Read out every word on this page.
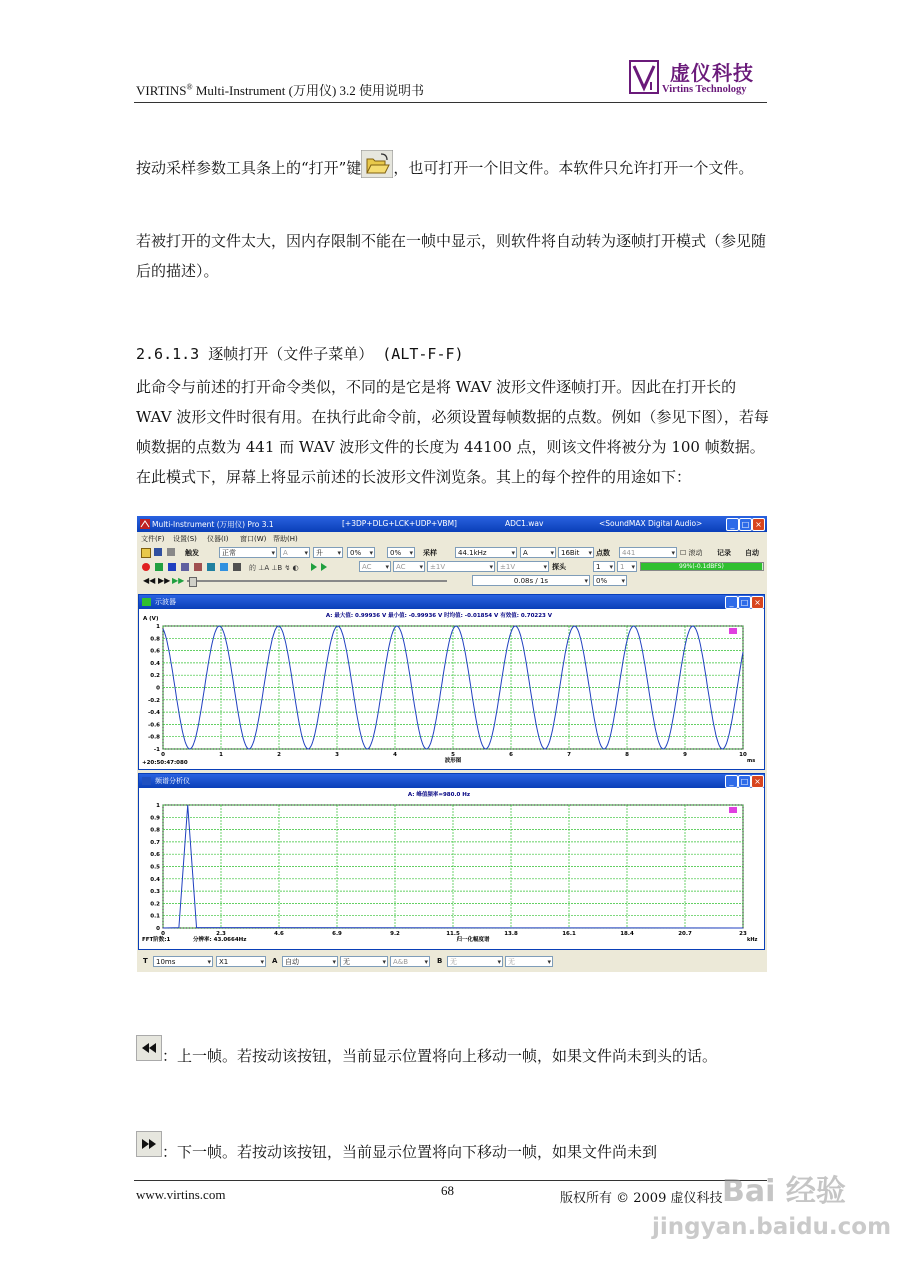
VIRTINS® Multi-Instrument (万用仪) 3.2 使用说明书
虚仪科技
Virtins Technology
按动采样参数工具条上的“打开”键 ，也可打开一个旧文件。本软件只允许打开一个文件。
若被打开的文件太大，因内存限制不能在一帧中显示，则软件将自动转为逐帧打开模式（参见随后的描述）。
2.6.1.3 逐帧打开（文件子菜单） (ALT-F-F)
此命令与前述的打开命令类似，不同的是它是将 WAV 波形文件逐帧打开。因此在打开长的 WAV 波形文件时很有用。在执行此命令前，必须设置每帧数据的点数。例如（参见下图），若每帧数据的点数为 441 而 WAV 波形文件的长度为 44100 点，则该文件将被分为 100 帧数据。在此模式下，屏幕上将显示前述的长波形文件浏览条。其上的每个控件的用途如下：
Multi-Instrument (万用仪) Pro 3.1	[+3DP+DLG+LCK+UDP+VBM]	ADC1.wav	<SoundMAX Digital Audio>	_ □ ×
文件(F) 设置(S) 仪器(I) 窗口(W) 帮助(H)
触发	正常 ▾	A ▾	升 ▾	0% ▾	0% ▾	采样	44.1kHz ▾	A ▾	16Bit ▾	点数	441 ▾	☐ 滚动 记录 自动
的 ⊥A ⊥B ↯ ◐	AC ▾	AC ▾	±1V ▾	±1V ▾	探头	1 ▾	1 ▾	99%(-0.1dBFS)
◀◀ ▶▶ ▶▶	0.08s / 1s ▾	0% ▾
示波器	_ □ ×
0	1	2	3	4	5	6	7	8	9	10
1
0.8
0.6
0.4
0.2
0
-0.2
-0.4
-0.6
-0.8
-1
A: 最大值: 0.99936 V 最小值: -0.99936 V 时均值: -0.01854 V 有效值: 0.70223 V
A (V)
波形图
+20:50:47:080	ms
频谱分析仪	_ □ ×
0	2.3	4.6	6.9	9.2	11.5	13.8	16.1	18.4	20.7	23
1
0.9
0.8
0.7
0.6
0.5
0.4
0.3
0.2
0.1
0
A: 峰值频率=980.0 Hz
归一化幅度谱
FFT阶数:1	分辨率: 43.0664Hz	kHz
T	10ms ▾	X1 ▾	A	自动 ▾	无 ▾	A&B ▾	B	无 ▾	无 ▾
：上一帧。若按动该按钮，当前显示位置将向上移动一帧，如果文件尚未到头的话。
：下一帧。若按动该按钮，当前显示位置将向下移动一帧，如果文件尚未到
www.virtins.com	68
版权所有 © 2009 虚仪科技 Bai 经验
jingyan.baidu.com
